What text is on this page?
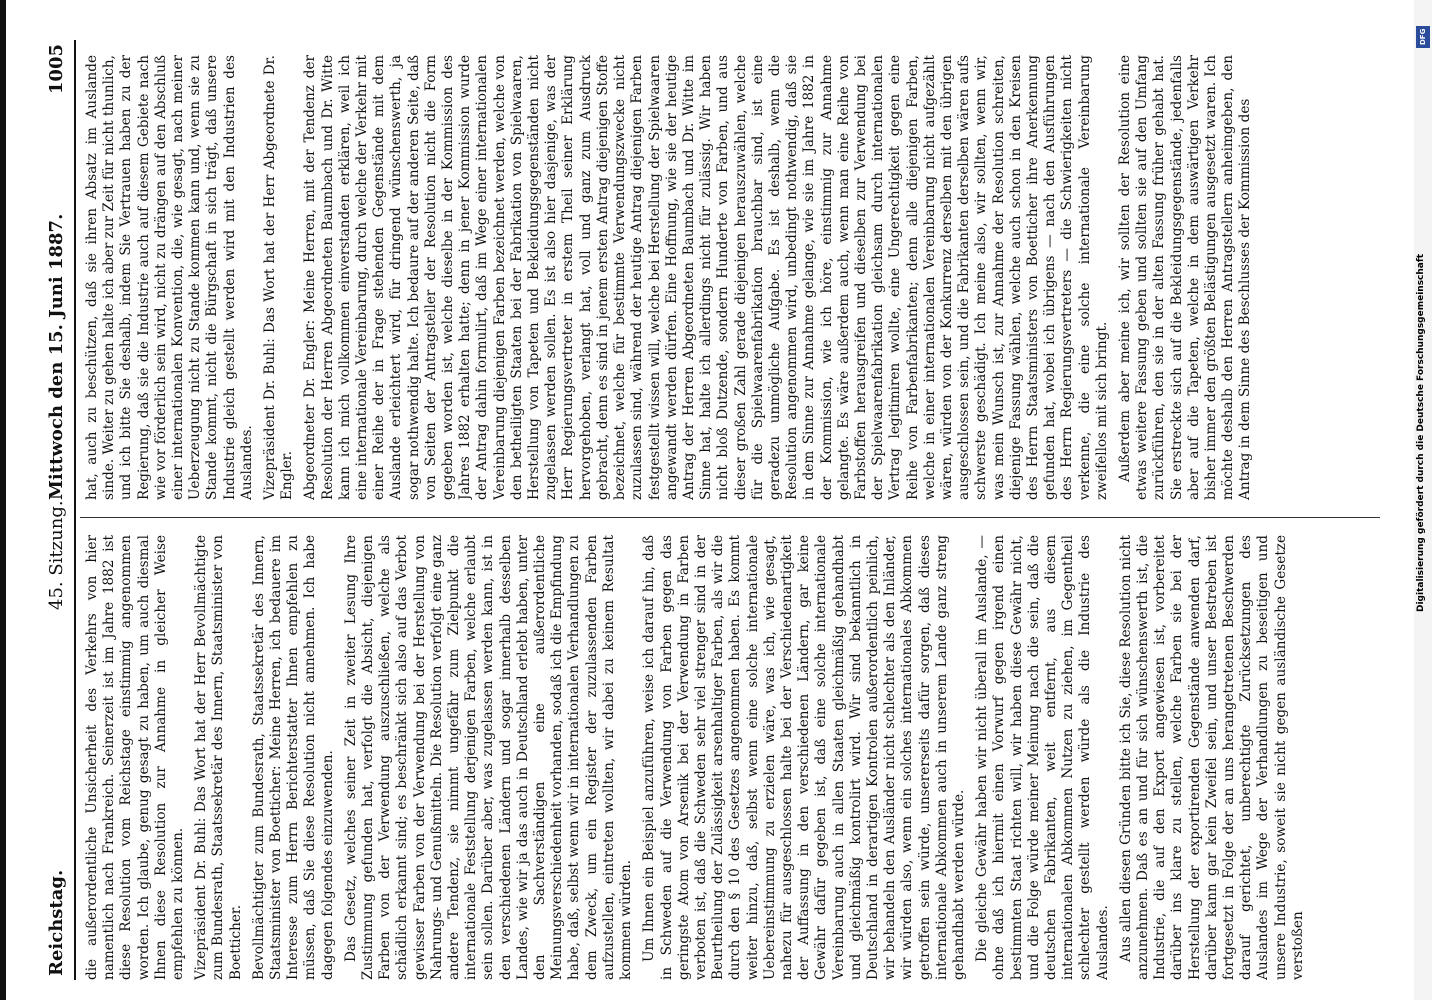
DFG
Digitalisierung gefördert durch die Deutsche Forschungsgemeinschaft
Reichstag.
45. Sitzung.
Mittwoch den 15. Juni 1887.
1005

die außerordentliche Unsicherheit des Verkehrs von hier namentlich nach Frankreich. Seinerzeit ist im Jahre 1882 ist diese Resolution vom Reichstage einstimmig angenommen worden. Ich glaube, genug gesagt zu haben, um auch diesmal Ihnen diese Resolution zur Annahme in gleicher Weise empfehlen zu können. Vizepräsident Dr. Buhl: Das Wort hat der Herr Bevollmächtigte zum Bundesrath, Staatssekretär des Innern, Staatsminister von Boetticher. Bevollmächtigter zum Bundesrath, Staatssekretär des Innern, Staatsminister von Boetticher: Meine Herren, ich bedauere im Interesse zum Herrn Berichterstatter Ihnen empfehlen zu müssen, daß Sie diese Resolution nicht annehmen. Ich habe dagegen folgendes einzuwenden. Das Gesetz, welches seiner Zeit in zweiter Lesung Ihre Zustimmung gefunden hat, verfolgt die Absicht, diejenigen Farben von der Verwendung auszuschließen, welche als schädlich erkannt sind; es beschränkt sich also auf das Verbot gewisser Farben von der Verwendung bei der Herstellung von Nahrungs- und Genußmitteln. Die Resolution verfolgt eine ganz andere Tendenz, sie nimmt ungefähr zum Zielpunkt die internationale Feststellung derjenigen Farben, welche erlaubt sein sollen. Darüber aber, was zugelassen werden kann, ist in den verschiedenen Ländern und sogar innerhalb desselben Landes, wie wir ja das auch in Deutschland erlebt haben, unter den Sachverständigen eine außerordentliche Meinungsverschiedenheit vorhanden, sodaß ich die Empfindung habe, daß, selbst wenn wir in internationalen Verhandlungen zu dem Zweck, um ein Register der zuzulassenden Farben aufzustellen, eintreten wollten, wir dabei zu keinem Resultat kommen würden. Um Ihnen ein Beispiel anzuführen, weise ich darauf hin, daß in Schweden auf die Verwendung von Farben gegen das geringste Atom von Arsenik bei der Verwendung in Farben verboten ist, daß die Schweden sehr viel strenger sind in der Beurtheilung der Zulässigkeit arsenhaltiger Farben, als wir die durch den § 10 des Gesetzes angenommen haben. Es kommt weiter hinzu, daß, selbst wenn eine solche internationale Uebereinstimmung zu erzielen wäre, was ich, wie gesagt, nahezu für ausgeschlossen halte bei der Verschiedenartigkeit der Auffassung in den verschiedenen Ländern, gar keine Gewähr dafür gegeben ist, daß eine solche internationale Vereinbarung auch in allen Staaten gleichmäßig gehandhabt und gleichmäßig kontrolirt wird. Wir sind bekanntlich in Deutschland in derartigen Kontrolen außerordentlich peinlich, wir behandeln den Ausländer nicht schlechter als den Inländer, wir würden also, wenn ein solches internationales Abkommen getroffen sein würde, unsererseits dafür sorgen, daß dieses internationale Abkommen auch in unserem Lande ganz streng gehandhabt werden würde. Die gleiche Gewähr haben wir nicht überall im Auslande, — ohne daß ich hiermit einen Vorwurf gegen irgend einen bestimmten Staat richten will, wir haben diese Gewähr nicht, und die Folge würde meiner Meinung nach die sein, daß die deutschen Fabrikanten, weit entfernt, aus diesem internationalen Abkommen Nutzen zu ziehen, im Gegentheil schlechter gestellt werden würde als die Industrie des Auslandes. Aus allen diesen Gründen bitte ich Sie, diese Resolution nicht anzunehmen. Daß es an und für sich wünschenswerth ist, die Industrie, die auf den Export angewiesen ist, vorbereitet darüber ins klare zu stellen, welche Farben sie bei der Herstellung der exportirenden Gegenstände anwenden darf, darüber kann gar kein Zweifel sein, und unser Bestreben ist fortgesetzt in Folge der an uns herangetretenen Beschwerden darauf gerichtet, unberechtigte Zurücksetzungen des Auslandes im Wege der Verhandlungen zu beseitigen und unsere Industrie, soweit sie nicht gegen ausländische Gesetze verstoßen

hat, auch zu beschützen, daß sie ihren Absatz im Auslande sinde. Weiter zu gehen halte ich aber zur Zeit für nicht thunlich, und ich bitte Sie deshalb, indem Sie Vertrauen haben zu der Regierung, daß sie die Industrie auch auf diesem Gebiete nach wie vor förderlich sein wird, nicht zu drängen auf den Abschluß einer internationalen Konvention, die, wie gesagt, nach meiner Ueberzeugung nicht zu Stande kommen kann und, wenn sie zu Stande kommt, nicht die Bürgschaft in sich trägt, daß unsere Industrie gleich gestellt werden wird mit den Industrien des Auslandes. Vizepräsident Dr. Buhl: Das Wort hat der Herr Abgeordnete Dr. Engler. Abgeordneter Dr. Engler: Meine Herren, mit der Tendenz der Resolution der Herren Abgeordneten Baumbach und Dr. Witte kann ich mich vollkommen einverstanden erklären, weil ich eine internationale Vereinbarung, durch welche der Verkehr mit einer Reihe der in Frage stehenden Gegenstände mit dem Auslande erleichtert wird, für dringend wünschenswerth, ja sogar nothwendig halte. Ich bedaure auf der anderen Seite, daß von Seiten der Antragsteller der Resolution nicht die Form gegeben worden ist, welche dieselbe in der Kommission des Jahres 1882 erhalten hatte; denn in jener Kommission wurde der Antrag dahin formulirt, daß im Wege einer internationalen Vereinbarung diejenigen Farben bezeichnet werden, welche von den betheiligten Staaten bei der Fabrikation von Spielwaaren, Herstellung von Tapeten und Bekleidungsgegenständen nicht zugelassen werden sollen. Es ist also hier dasjenige, was der Herr Regierungsvertreter in erstem Theil seiner Erklärung hervorgehoben, verlangt hat, voll und ganz zum Ausdruck gebracht, denn es sind in jenem ersten Antrag diejenigen Stoffe bezeichnet, welche für bestimmte Verwendungszwecke nicht zuzulassen sind, während der heutige Antrag diejenigen Farben festgestellt wissen will, welche bei Herstellung der Spielwaaren angewandt werden dürfen. Eine Hoffnung, wie sie der heutige Antrag der Herren Abgeordneten Baumbach und Dr. Witte im Sinne hat, halte ich allerdings nicht für zulässig. Wir haben nicht bloß Dutzende, sondern Hunderte von Farben, und aus dieser großen Zahl gerade diejenigen herauszuwählen, welche für die Spielwaarenfabrikation brauchbar sind, ist eine geradezu unmögliche Aufgabe. Es ist deshalb, wenn die Resolution angenommen wird, unbedingt nothwendig, daß sie in dem Sinne zur Annahme gelange, wie sie im Jahre 1882 in der Kommission, wie ich höre, einstimmig zur Annahme gelangte. Es wäre außerdem auch, wenn man eine Reihe von Farbstoffen herausgreifen und dieselben zur Verwendung bei der Spielwaarenfabrikation gleichsam durch internationalen Vertrag legitimiren wollte, eine Ungerechtigkeit gegen eine Reihe von Farbenfabrikanten; denn alle diejenigen Farben, welche in einer internationalen Vereinbarung nicht aufgezählt wären, würden von der Konkurrenz derselben mit den übrigen ausgeschlossen sein, und die Fabrikanten derselben wären aufs schwerste geschädigt. Ich meine also, wir sollten, wenn wir, was mein Wunsch ist, zur Annahme der Resolution schreiten, diejenige Fassung wählen, welche auch schon in den Kreisen des Herrn Staatsministers von Boetticher ihre Anerkennung gefunden hat, wobei ich übrigens — nach den Ausführungen des Herrn Regierungsvertreters — die Schwierigkeiten nicht verkenne, die eine solche internationale Vereinbarung zweifellos mit sich bringt. Außerdem aber meine ich, wir sollten der Resolution eine etwas weitere Fassung geben und sollten sie auf den Umfang zurückführen, den sie in der alten Fassung früher gehabt hat. Sie erstreckte sich auf die Bekleidungsgegenstände, jedenfalls aber auf die Tapeten, welche in dem auswärtigen Verkehr bisher immer den größten Belästigungen ausgesetzt waren. Ich möchte deshalb den Herren Antragstellern anheimgeben, den Antrag in dem Sinne des Beschlusses der Kommission des
